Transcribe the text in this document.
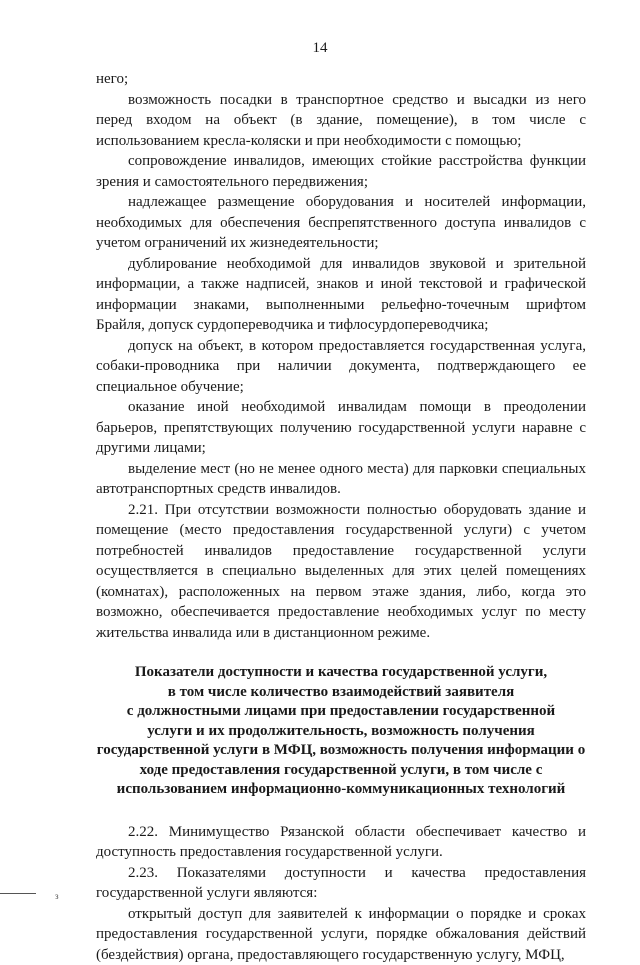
14

него;

возможность посадки в транспортное средство и высадки из него перед входом на объект (в здание, помещение), в том числе с использованием кресла-коляски и при необходимости с помощью;

сопровождение инвалидов, имеющих стойкие расстройства функции зрения и самостоятельного передвижения;

надлежащее размещение оборудования и носителей информации, необходимых для обеспечения беспрепятственного доступа инвалидов с учетом ограничений их жизнедеятельности;

дублирование необходимой для инвалидов звуковой и зрительной информации, а также надписей, знаков и иной текстовой и графической информации знаками, выполненными рельефно-точечным шрифтом Брайля, допуск сурдопереводчика и тифлосурдопереводчика;

допуск на объект, в котором предоставляется государственная услуга, собаки-проводника при наличии документа, подтверждающего ее специальное обучение;

оказание иной необходимой инвалидам помощи в преодолении барьеров, препятствующих получению государственной услуги наравне с другими лицами;

выделение мест (но не менее одного места) для парковки специальных автотранспортных средств инвалидов.

2.21. При отсутствии возможности полностью оборудовать здание и помещение (место предоставления государственной услуги) с учетом потребностей инвалидов предоставление государственной услуги осуществляется в специально выделенных для этих целей помещениях (комнатах), расположенных на первом этаже здания, либо, когда это возможно, обеспечивается предоставление необходимых услуг по месту жительства инвалида или в дистанционном режиме.

Показатели доступности и качества государственной услуги,
в том числе количество взаимодействий заявителя
с должностными лицами при предоставлении государственной
услуги и их продолжительность, возможность получения
государственной услуги в МФЦ, возможность получения информации о
ходе предоставления государственной услуги, в том числе с
использованием информационно-коммуникационных технологий

2.22. Минимущество Рязанской области обеспечивает качество и доступность предоставления государственной услуги.

2.23. Показателями доступности и качества предоставления государственной услуги являются:

открытый доступ для заявителей к информации о порядке и сроках предоставления государственной услуги, порядке обжалования действий (бездействия) органа, предоставляющего государственную услугу, МФЦ,

з
